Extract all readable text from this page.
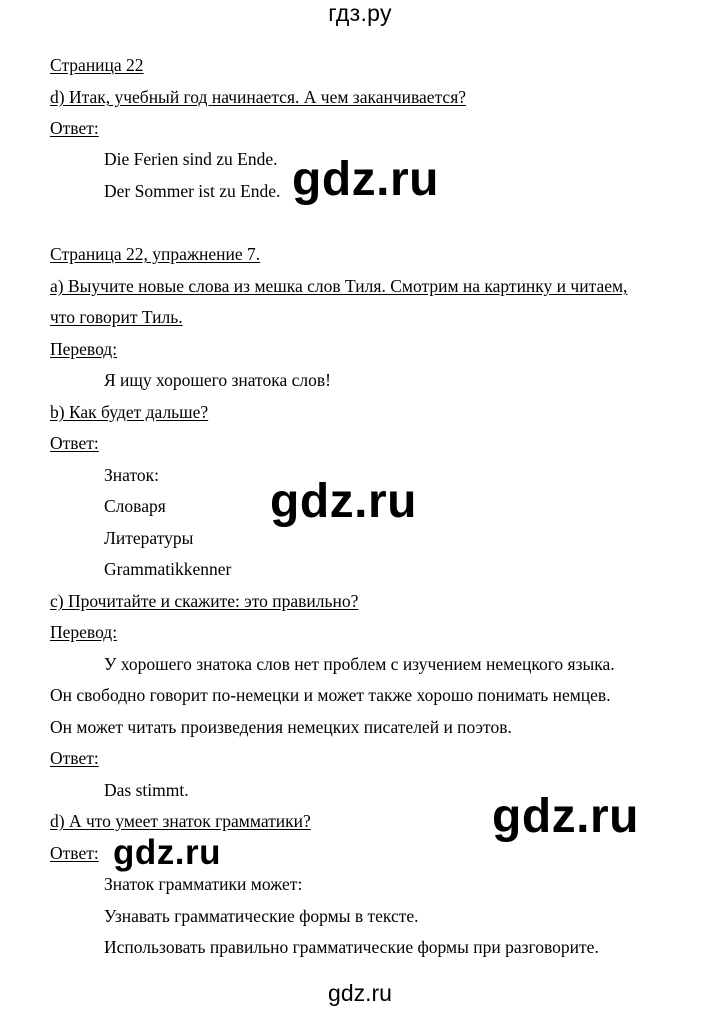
гдз.ру
Страница 22
d) Итак, учебный год начинается. А чем заканчивается?
Ответ:
Die Ferien sind zu Ende.
Der Sommer ist zu Ende.
Страница 22, упражнение 7.
a) Выучите новые слова из мешка слов Тиля. Смотрим на картинку и читаем,
что говорит Тиль.
Перевод:
Я ищу хорошего знатока слов!
b) Как будет дальше?
Ответ:
Знаток:
Словаря
Литературы
Grammatikkenner
c) Прочитайте и скажите: это правильно?
Перевод:
У хорошего знатока слов нет проблем с изучением немецкого языка.
Он свободно говорит по-немецки и может также хорошо понимать немцев.
Он может читать произведения немецких писателей и поэтов.
Ответ:
Das stimmt.
d) А что умеет знаток грамматики?
Ответ:
Знаток грамматики может:
Узнавать грамматические формы в тексте.
Использовать правильно грамматические формы при разговорите.
gdz.ru
gdz.ru
gdz.ru
gdz.ru
gdz.ru
